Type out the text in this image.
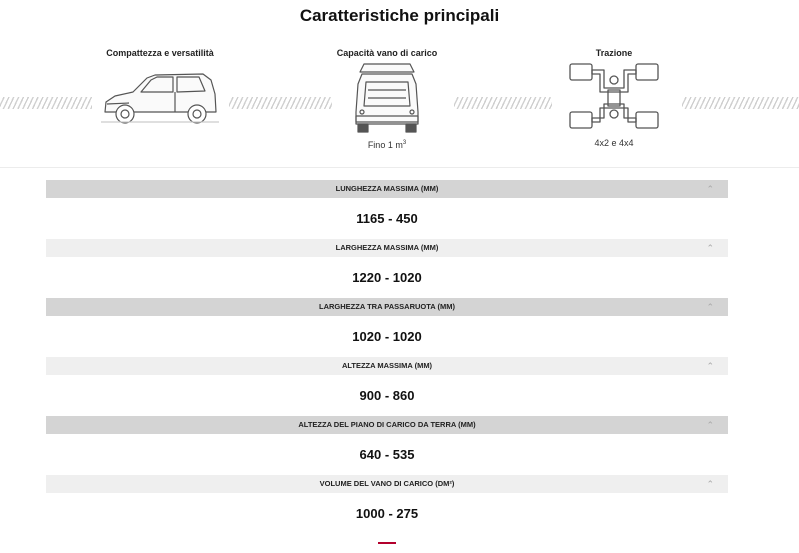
Caratteristiche principali
Compattezza e versatilità	Capacità vano di carico
Fino 1 $m^3$
Trazione
4x2 e 4x4
LUNGHEZZA MASSIMA (MM)	⌃
1165 - 450
LARGHEZZA MASSIMA (MM)	⌃
1220 - 1020
LARGHEZZA TRA PASSARUOTA (MM)	⌃
1020 - 1020
ALTEZZA MASSIMA (MM)	⌃
900 - 860
ALTEZZA DEL PIANO DI CARICO DA TERRA (MM)	⌃
640 - 535
VOLUME DEL VANO DI CARICO (DM²)	⌃
1000 - 275
